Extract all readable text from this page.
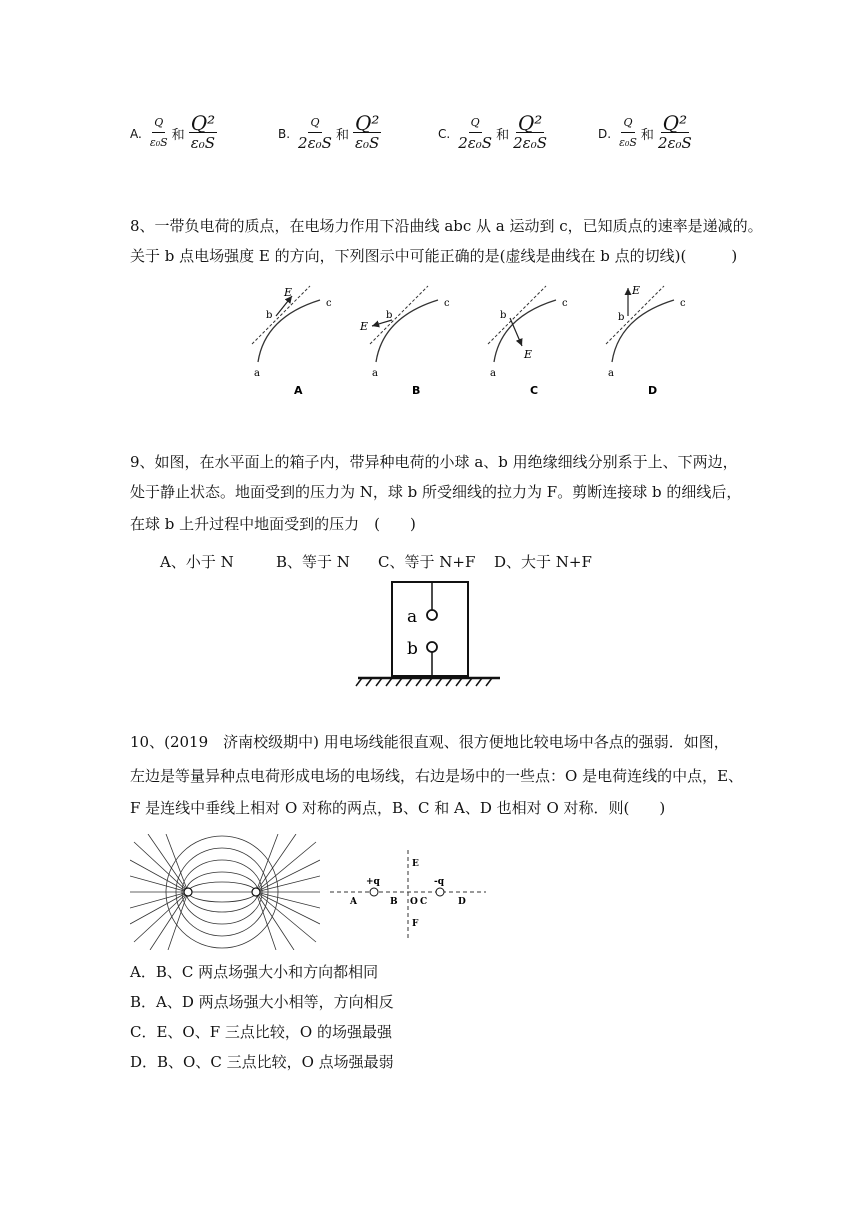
A. $\frac{Q}{\text{ε₀S}}$ 和 $\frac{\text{Q²}}{\text{ε₀S}}$	B. $\frac{Q}{\text{2ε₀S}}$ 和 $\frac{\text{Q²}}{\text{ε₀S}}$	C. $\frac{Q}{\text{2ε₀S}}$ 和 $\frac{\text{Q²}}{\text{2ε₀S}}$	D. $\frac{Q}{\text{ε₀S}}$ 和 $\frac{\text{Q²}}{\text{2ε₀S}}$
8、一带负电荷的质点，在电场力作用下沿曲线 abc 从 a 运动到 c，已知质点的速率是递减的。
关于 b 点电场强度 E 的方向，下列图示中可能正确的是(虚线是曲线在 b 点的切线)(　　　)
E
b
c
a
A
E
b
c
a
B
E
b
c
a
C
E
b
c
a
D
9、如图，在水平面上的箱子内，带异种电荷的小球 a、b 用绝缘细线分别系于上、下两边，
处于静止状态。地面受到的压力为 N，球 b 所受细线的拉力为 F。剪断连接球 b 的细线后，
在球 b 上升过程中地面受到的压力　(　　)
A、小于 N	B、等于 N C、等于 N+F D、大于 N+F
a
b
10、(2019　济南校级期中) 用电场线能很直观、很方便地比较电场中各点的强弱．如图，
左边是等量异种点电荷形成电场的电场线，右边是场中的一些点：O 是电荷连线的中点，E、
F 是连线中垂线上相对 O 对称的两点，B、C 和 A、D 也相对 O 对称．则(　　)
+q	-q
E
F
A	B O C	D
A．B、C 两点场强大小和方向都相同
B．A、D 两点场强大小相等，方向相反
C．E、O、F 三点比较，O 的场强最强
D．B、O、C 三点比较，O 点场强最弱
